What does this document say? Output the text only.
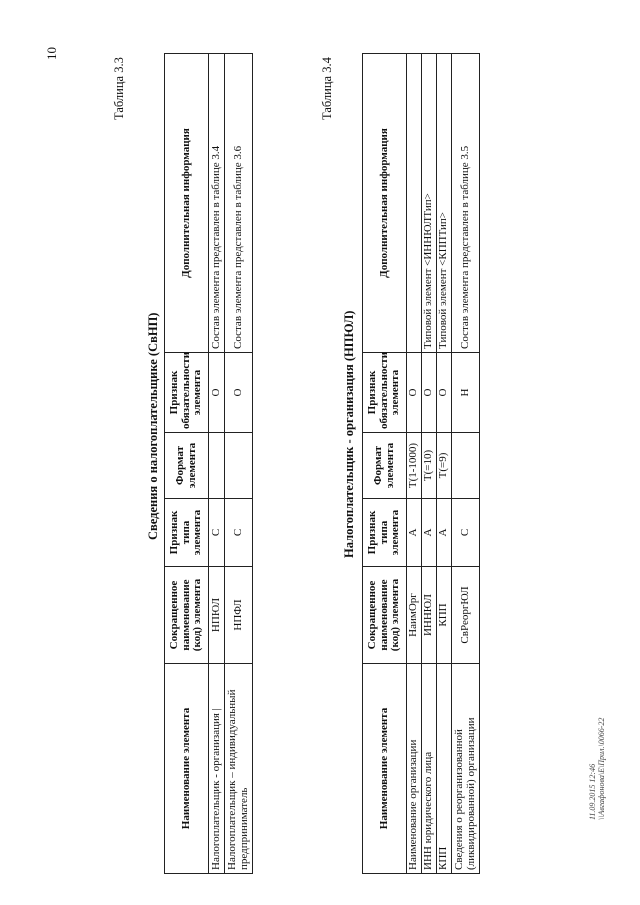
10
Таблица 3.3
Сведения о налогоплательщике (СвНП)
Наименование элемента	Сокращенное наименование (код) элемента	Признак типа элемента	Формат элемента	Признак обязательности элемента	Дополнительная информация
Налогоплательщик - организация |	НПЮЛ	С		О	Состав элемента представлен в таблице 3.4
Налогоплательщик – индивидуальный предприниматель	НПФЛ	С		О	Состав элемента представлен в таблице 3.6
Таблица 3.4
Налогоплательщик - организация (НПЮЛ)
Наименование элемента	Сокращенное наименование (код) элемента	Признак типа элемента	Формат элемента	Признак обязательности элемента	Дополнительная информация
Наименование организации	НаимОрг	А	T(1-1000)	О	
ИНН юридического лица	ИННЮЛ	А	T(=10)	О	Типовой элемент <ИННЮЛТип>
КПП	КПП	А	T(=9)	О	Типовой элемент <КППТип>
Сведения о реорганизованной (ликвидированной) организации	СвРеоргЮЛ	С		Н	Состав элемента представлен в таблице 3.5
11.09.2015 12:46 \\Авгафонова\E\Прил.\0066-22
